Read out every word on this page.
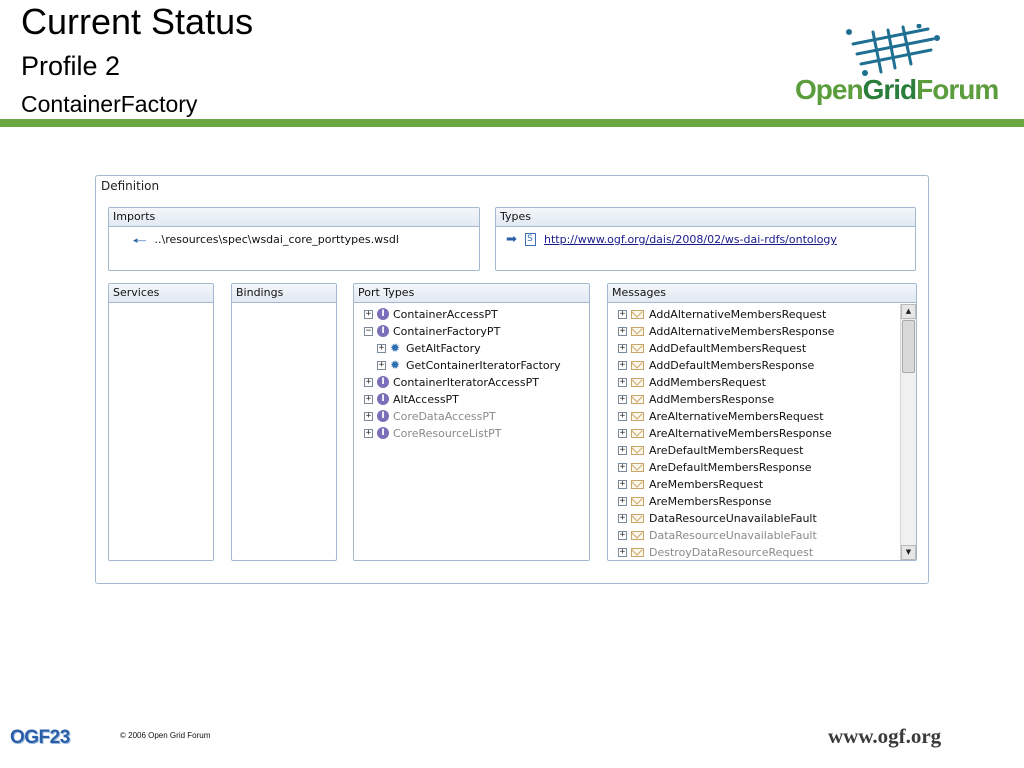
Current Status
Profile 2
ContainerFactory	OpenGridForum
Definition
Imports
◂— ..\resources\spec\wsdai_core_porttypes.wsdl
Types
➡ S http://www.ogf.org/dais/2008/02/ws-dai-rdfs/ontology
Services	Bindings	Port Types
+ I ContainerAccessPT
− I ContainerFactoryPT
+ ✹ GetAltFactory
+ ✹ GetContainerIteratorFactory
+ I ContainerIteratorAccessPT
+ I AltAccessPT
+ I CoreDataAccessPT
+ I CoreResourceListPT
Messages
+ AddAlternativeMembersRequest
+ AddAlternativeMembersResponse
+ AddDefaultMembersRequest
+ AddDefaultMembersResponse
+ AddMembersRequest
+ AddMembersResponse
+ AreAlternativeMembersRequest
+ AreAlternativeMembersResponse
+ AreDefaultMembersRequest
+ AreDefaultMembersResponse
+ AreMembersRequest
+ AreMembersResponse
+ DataResourceUnavailableFault
+ DataResourceUnavailableFault
+ DestroyDataResourceRequest
▲
▼
OGF23	© 2006 Open Grid Forum	www.ogf.org
